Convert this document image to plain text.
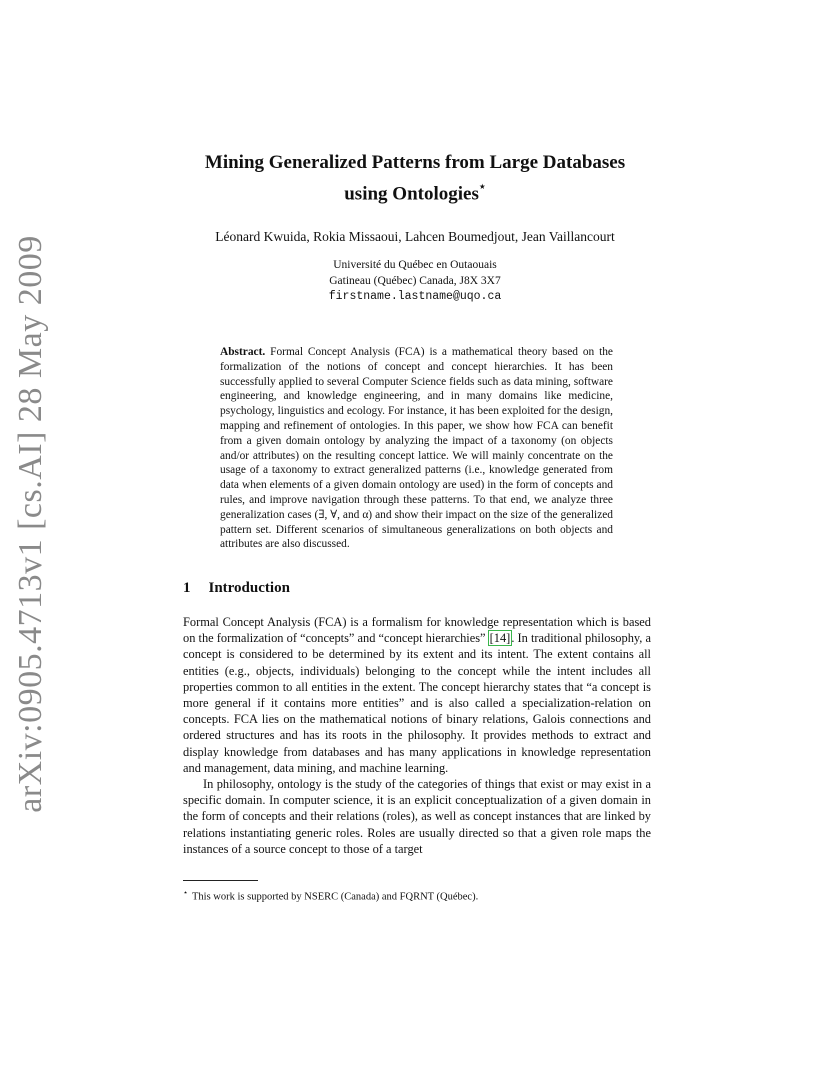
arXiv:0905.4713v1 [cs.AI] 28 May 2009
Mining Generalized Patterns from Large Databases
using Ontologies⋆
Léonard Kwuida, Rokia Missaoui, Lahcen Boumedjout, Jean Vaillancourt
Université du Québec en Outaouais
Gatineau (Québec) Canada, J8X 3X7
firstname.lastname@uqo.ca
Abstract. Formal Concept Analysis (FCA) is a mathematical theory based on the formalization of the notions of concept and concept hierarchies. It has been successfully applied to several Computer Science fields such as data mining, software engineering, and knowledge engineering, and in many domains like medicine, psychology, linguistics and ecology. For instance, it has been exploited for the design, mapping and refinement of ontologies. In this paper, we show how FCA can benefit from a given domain ontology by analyzing the impact of a taxonomy (on objects and/or attributes) on the resulting concept lattice. We will mainly concentrate on the usage of a taxonomy to extract generalized patterns (i.e., knowledge generated from data when elements of a given domain ontology are used) in the form of concepts and rules, and improve navigation through these patterns. To that end, we analyze three generalization cases (∃, ∀, and α) and show their impact on the size of the generalized pattern set. Different scenarios of simultaneous generalizations on both objects and attributes are also discussed.
1 Introduction

Formal Concept Analysis (FCA) is a formalism for knowledge representation which is based on the formalization of “concepts” and “concept hierarchies” [14]. In traditional philosophy, a concept is considered to be determined by its extent and its intent. The extent contains all entities (e.g., objects, individuals) belonging to the concept while the intent includes all properties common to all entities in the extent. The concept hierarchy states that “a concept is more general if it contains more entities” and is also called a specialization-relation on concepts. FCA lies on the mathematical notions of binary relations, Galois connections and ordered structures and has its roots in the philosophy. It provides methods to extract and display knowledge from databases and has many applications in knowledge representation and management, data mining, and machine learning.

In philosophy, ontology is the study of the categories of things that exist or may exist in a specific domain. In computer science, it is an explicit conceptualization of a given domain in the form of concepts and their relations (roles), as well as concept instances that are linked by relations instantiating generic roles. Roles are usually directed so that a given role maps the instances of a source concept to those of a target

⋆ This work is supported by NSERC (Canada) and FQRNT (Québec).
